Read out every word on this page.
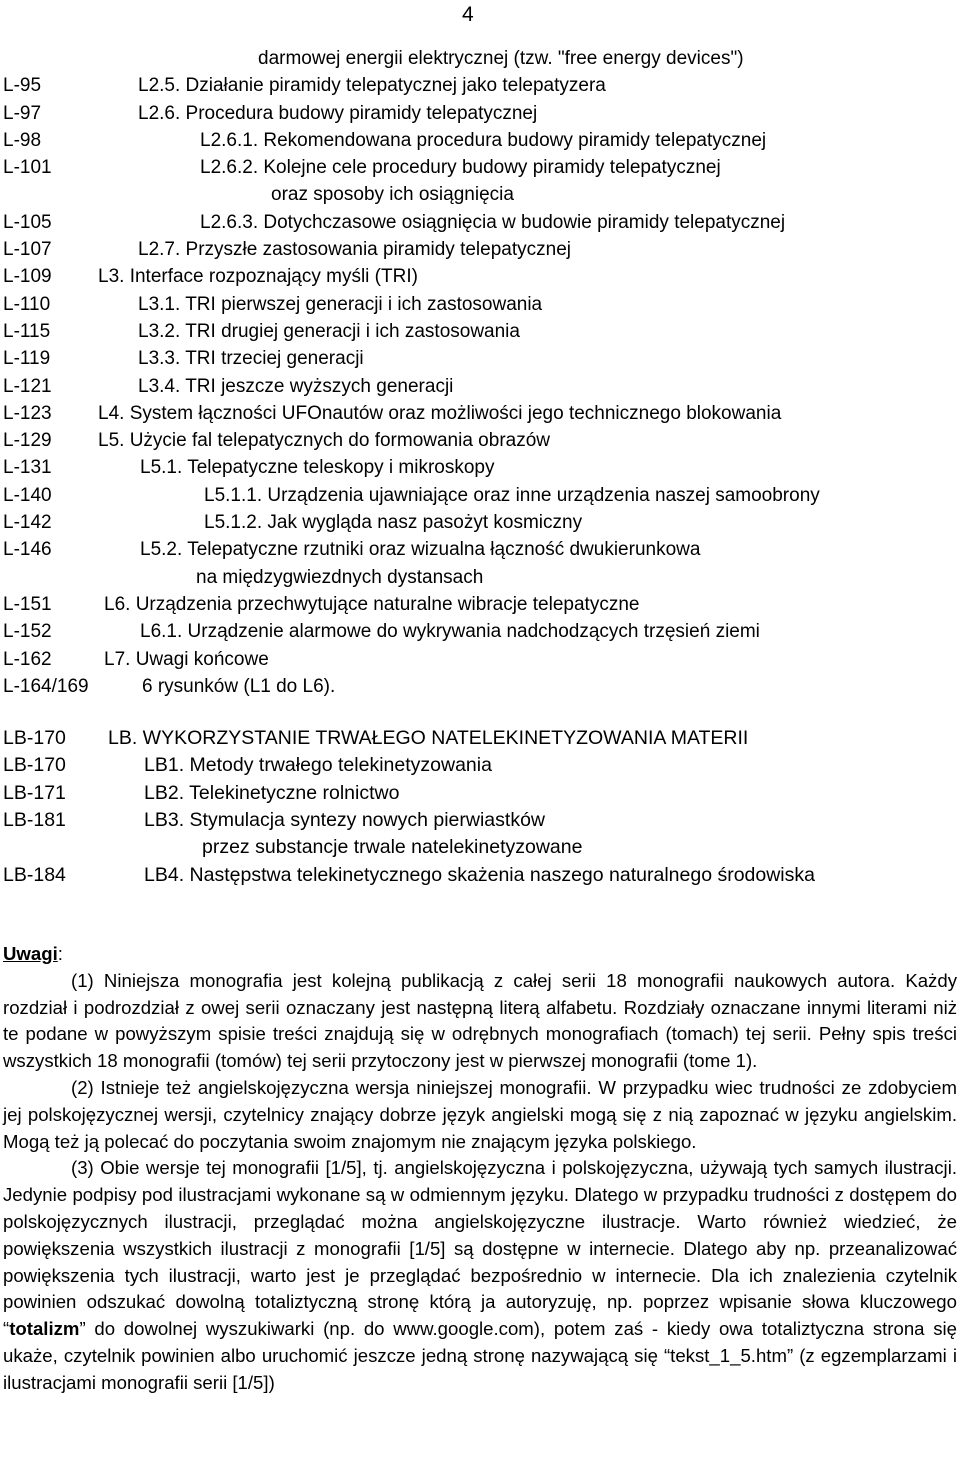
4
darmowej energii elektrycznej (tzw. "free energy devices")
L-95	L2.5. Działanie piramidy telepatycznej jako telepatyzera
L-97	L2.6. Procedura budowy piramidy telepatycznej
L-98	L2.6.1. Rekomendowana procedura budowy piramidy telepatycznej
L-101	L2.6.2. Kolejne cele procedury budowy piramidy telepatycznej
oraz sposoby ich osiągnięcia
L-105	L2.6.3. Dotychczasowe osiągnięcia w budowie piramidy telepatycznej
L-107	L2.7. Przyszłe zastosowania piramidy telepatycznej
L-109 L3. Interface rozpoznający myśli (TRI)
L-110	L3.1. TRI pierwszej generacji i ich zastosowania
L-115	L3.2. TRI drugiej generacji i ich zastosowania
L-119	L3.3. TRI trzeciej generacji
L-121	L3.4. TRI jeszcze wyższych generacji
L-123 L4. System łączności UFOnautów oraz możliwości jego technicznego blokowania
L-129 L5. Użycie fal telepatycznych do formowania obrazów
L-131	L5.1. Telepatyczne teleskopy i mikroskopy
L-140	L5.1.1. Urządzenia ujawniające oraz inne urządzenia naszej samoobrony
L-142	L5.1.2. Jak wygląda nasz pasożyt kosmiczny
L-146	L5.2. Telepatyczne rzutniki oraz wizualna łączność dwukierunkowa
na międzygwiezdnych dystansach
L-151	L6. Urządzenia przechwytujące naturalne wibracje telepatyczne
L-152	L6.1. Urządzenie alarmowe do wykrywania nadchodzących trzęsień ziemi
L-162	L7. Uwagi końcowe
L-164/169	6 rysunków (L1 do L6).
LB-170 LB. WYKORZYSTANIE TRWAŁEGO NATELEKINETYZOWANIA MATERII
LB-170	LB1. Metody trwałego telekinetyzowania
LB-171	LB2. Telekinetyczne rolnictwo
LB-181	LB3. Stymulacja syntezy nowych pierwiastków
przez substancje trwale natelekinetyzowane
LB-184	LB4. Następstwa telekinetycznego skażenia naszego naturalnego środowiska
Uwagi:

(1) Niniejsza monografia jest kolejną publikacją z całej serii 18 monografii naukowych autora. Każdy rozdział i podrozdział z owej serii oznaczany jest następną literą alfabetu. Rozdziały oznaczane innymi literami niż te podane w powyższym spisie treści znajdują się w odrębnych monografiach (tomach) tej serii. Pełny spis treści wszystkich 18 monografii (tomów) tej serii przytoczony jest w pierwszej monografii (tome 1).

(2) Istnieje też angielskojęzyczna wersja niniejszej monografii. W przypadku wiec trudności ze zdobyciem jej polskojęzycznej wersji, czytelnicy znający dobrze język angielski mogą się z nią zapoznać w języku angielskim. Mogą też ją polecać do poczytania swoim znajomym nie znającym języka polskiego.

(3) Obie wersje tej monografii [1/5], tj. angielskojęzyczna i polskojęzyczna, używają tych samych ilustracji. Jedynie podpisy pod ilustracjami wykonane są w odmiennym języku. Dlatego w przypadku trudności z dostępem do polskojęzycznych ilustracji, przeglądać można angielskojęzyczne ilustracje. Warto również wiedzieć, że powiększenia wszystkich ilustracji z monografii [1/5] są dostępne w internecie. Dlatego aby np. przeanalizować powiększenia tych ilustracji, warto jest je przeglądać bezpośrednio w internecie. Dla ich znalezienia czytelnik powinien odszukać dowolną totaliztyczną stronę którą ja autoryzuję, np. poprzez wpisanie słowa kluczowego “totalizm” do dowolnej wyszukiwarki (np. do www.google.com), potem zaś - kiedy owa totaliztyczna strona się ukaże, czytelnik powinien albo uruchomić jeszcze jedną stronę nazywającą się “tekst_1_5.htm” (z egzemplarzami i ilustracjami monografii serii [1/5])
